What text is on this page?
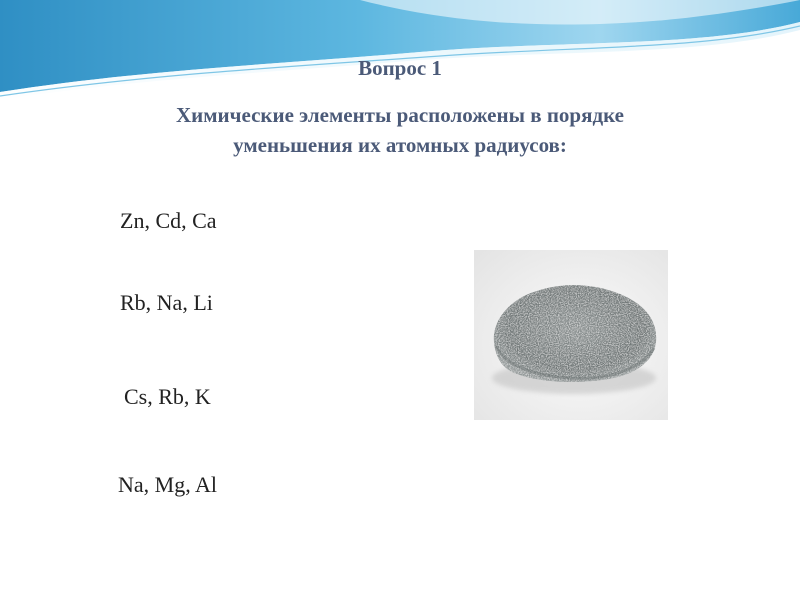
Вопрос 1

Химические элементы расположены в порядке
уменьшения их атомных радиусов:

Zn, Cd, Ca
Rb, Na, Li
Cs, Rb, K
Na, Mg, Al
